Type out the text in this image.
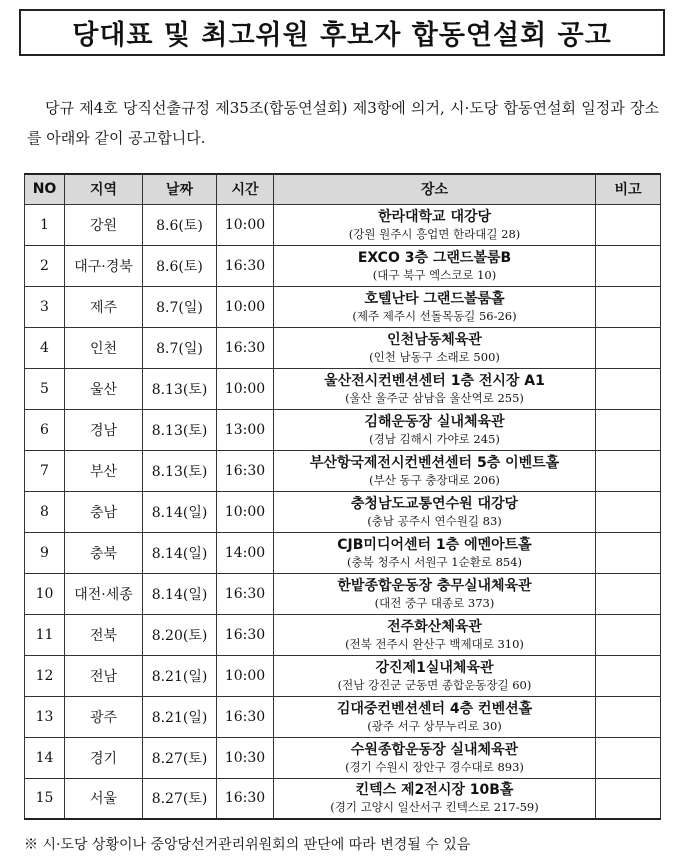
당대표 및 최고위원 후보자 합동연설회 공고

당규 제4호 당직선출규정 제35조(합동연설회) 제3항에 의거, 시·도당 합동연설회 일정과 장소를 아래와 같이 공고합니다.

NO	지역	날짜	시간	장소	비고
1	강원	8.6(토)	10:00	한라대학교 대강당
(강원 원주시 흥업면 한라대길 28)	

2	대구·경북	8.6(토)	16:30	EXCO 3층 그랜드볼룸B
(대구 북구 엑스코로 10)	

3	제주	8.7(일)	10:00	호텔난타 그랜드볼룸홀
(제주 제주시 선돌목동길 56-26)	

4	인천	8.7(일)	16:30	인천남동체육관
(인천 남동구 소래로 500)	

5	울산	8.13(토)	10:00	울산전시컨벤션센터 1층 전시장 A1
(울산 울주군 삼남읍 울산역로 255)	

6	경남	8.13(토)	13:00	김해운동장 실내체육관
(경남 김해시 가야로 245)	

7	부산	8.13(토)	16:30	부산항국제전시컨벤션센터 5층 이벤트홀
(부산 동구 충장대로 206)	

8	충남	8.14(일)	10:00	충청남도교통연수원 대강당
(충남 공주시 연수원길 83)	

9	충북	8.14(일)	14:00	CJB미디어센터 1층 에멘아트홀
(충북 청주시 서원구 1순환로 854)	

10	대전·세종	8.14(일)	16:30	한밭종합운동장 충무실내체육관
(대전 중구 대종로 373)	

11	전북	8.20(토)	16:30	전주화산체육관
(전북 전주시 완산구 백제대로 310)	

12	전남	8.21(일)	10:00	강진제1실내체육관
(전남 강진군 군동면 종합운동장길 60)	

13	광주	8.21(일)	16:30	김대중컨벤션센터 4층 컨벤션홀
(광주 서구 상무누리로 30)	

14	경기	8.27(토)	10:30	수원종합운동장 실내체육관
(경기 수원시 장안구 경수대로 893)	

15	서울	8.27(토)	16:30	킨텍스 제2전시장 10B홀
(경기 고양시 일산서구 킨텍스로 217-59)	

※ 시·도당 상황이나 중앙당선거관리위원회의 판단에 따라 변경될 수 있음
